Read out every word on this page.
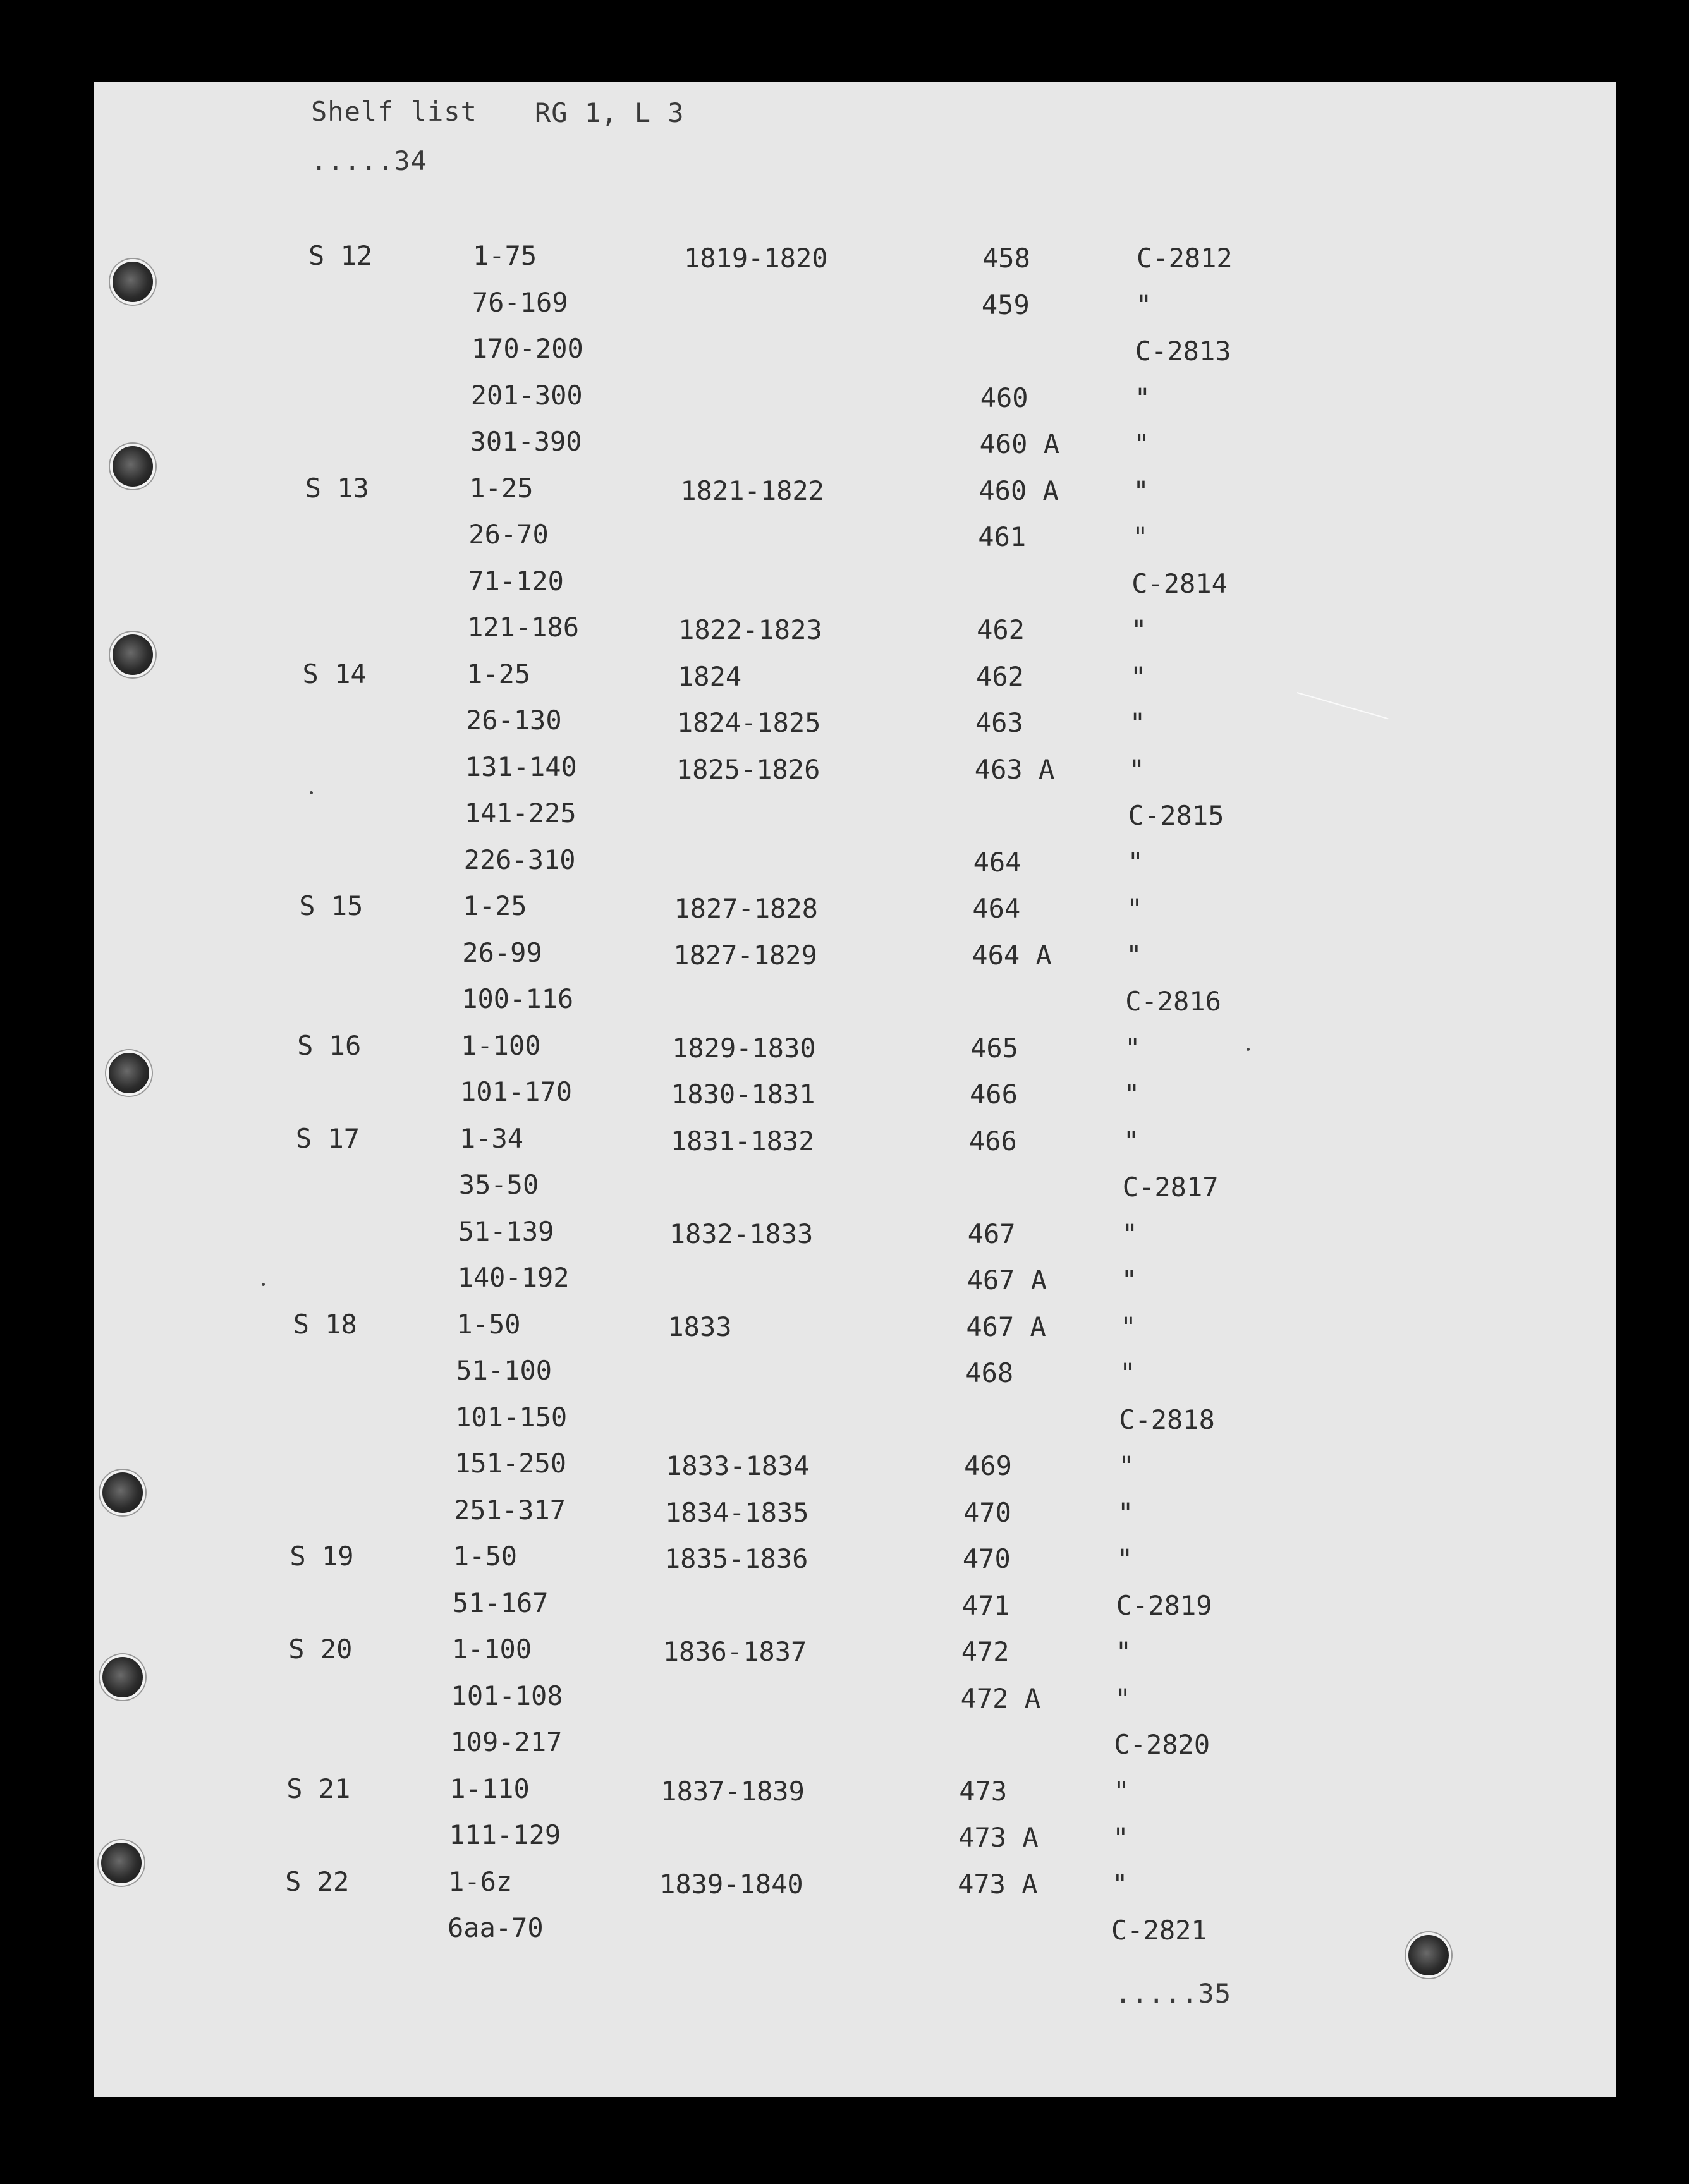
Shelf list RG 1, L 3
.....34
S 12	1-75	1819-1820	458	C-2812
76-169	459	"
170-200	C-2813
201-300	460	"
301-390	460 A	"
S 13	1-25	1821-1822	460 A	"
26-70	461	"
71-120	C-2814
121-186	1822-1823	462	"
S 14	1-25	1824	462	"
26-130	1824-1825	463	"
131-140	1825-1826	463 A	"
141-225	C-2815
226-310	464	"
S 15	1-25	1827-1828	464	"
26-99	1827-1829	464 A	"
100-116	C-2816
S 16	1-100	1829-1830	465	"
101-170	1830-1831	466	"
S 17	1-34	1831-1832	466	"
35-50	C-2817
51-139	1832-1833	467	"
140-192	467 A	"
S 18	1-50	1833	467 A	"
51-100	468	"
101-150	C-2818
151-250	1833-1834	469	"
251-317	1834-1835	470	"
S 19	1-50	1835-1836	470	"
51-167	471	C-2819
S 20	1-100	1836-1837	472	"
101-108	472 A	"
109-217	C-2820
S 21	1-110	1837-1839	473	"
111-129	473 A	"
S 22	1-6z	1839-1840	473 A	"
6aa-70	C-2821
.....35
